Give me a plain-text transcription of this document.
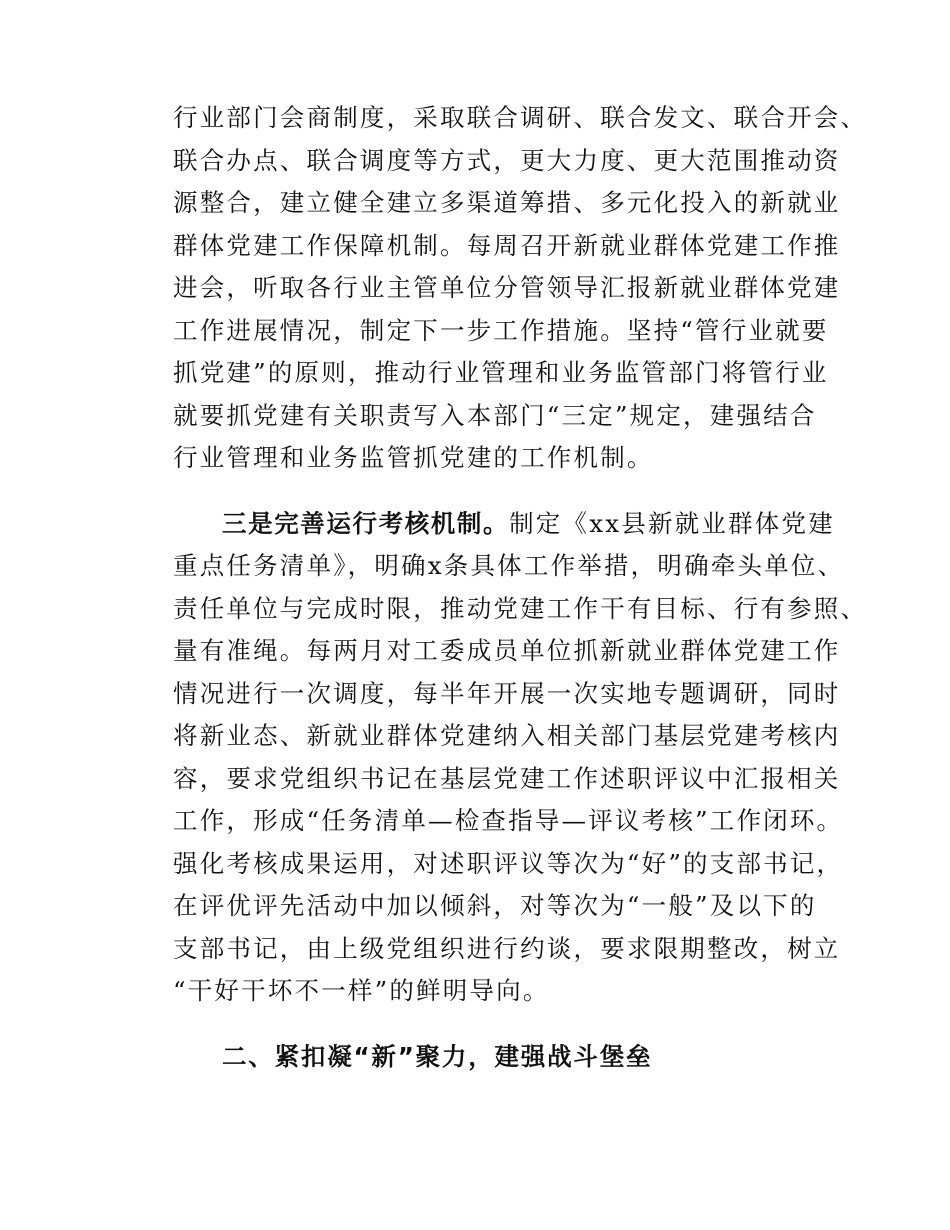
行业部门会商制度，采取联合调研、联合发文、联合开会、
联合办点、联合调度等方式，更大力度、更大范围推动资
源整合，建立健全建立多渠道筹措、多元化投入的新就业
群体党建工作保障机制。每周召开新就业群体党建工作推
进会，听取各行业主管单位分管领导汇报新就业群体党建
工作进展情况，制定下一步工作措施。坚持“管行业就要
抓党建”的原则，推动行业管理和业务监管部门将管行业
就要抓党建有关职责写入本部门“三定”规定，建强结合
行业管理和业务监管抓党建的工作机制。
三是完善运行考核机制。制定《xx县新就业群体党建
重点任务清单》，明确x条具体工作举措，明确牵头单位、
责任单位与完成时限，推动党建工作干有目标、行有参照、
量有准绳。每两月对工委成员单位抓新就业群体党建工作
情况进行一次调度，每半年开展一次实地专题调研，同时
将新业态、新就业群体党建纳入相关部门基层党建考核内
容，要求党组织书记在基层党建工作述职评议中汇报相关
工作，形成“任务清单—检查指导—评议考核”工作闭环。
强化考核成果运用，对述职评议等次为“好”的支部书记，
在评优评先活动中加以倾斜，对等次为“一般”及以下的
支部书记，由上级党组织进行约谈，要求限期整改，树立
“干好干坏不一样”的鲜明导向。
二、紧扣凝“新”聚力，建强战斗堡垒
